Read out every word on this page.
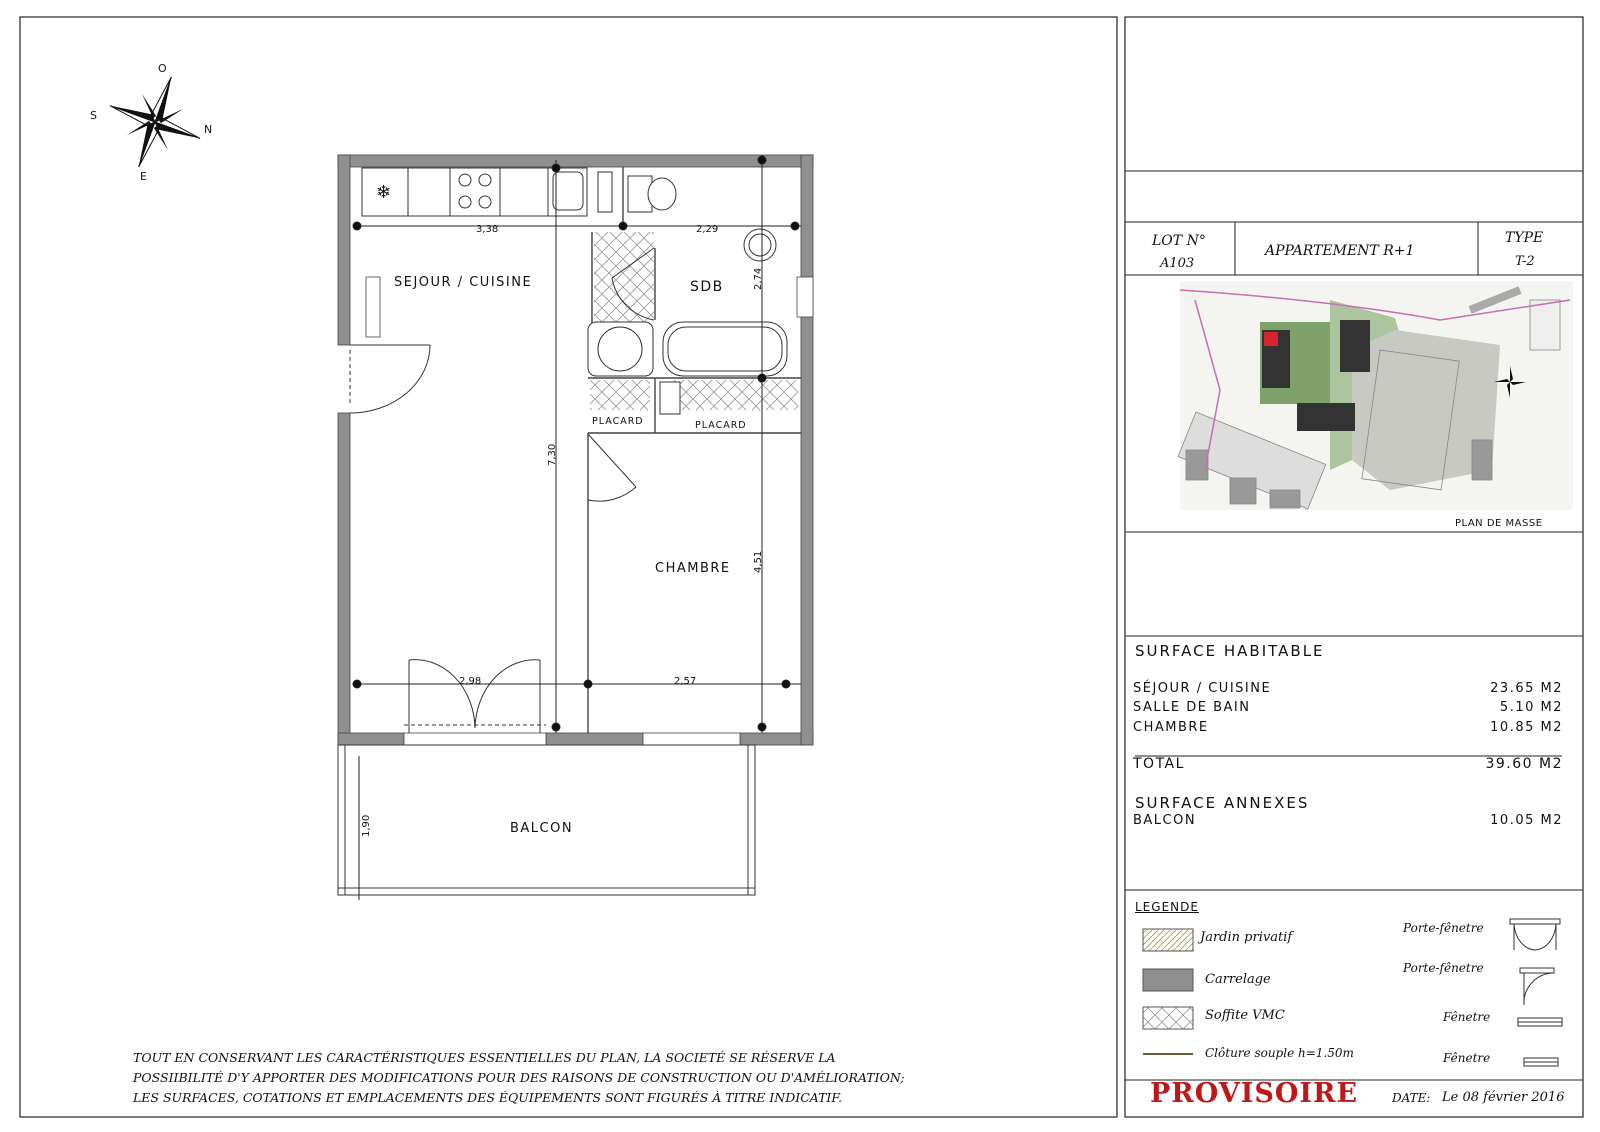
O
N
S
E
❄
SEJOUR / CUISINE	SDB
CHAMBRE
PLACARD	PLACARD
BALCON
3,38	2,29
2,74
7,30
4,51
2,98	2,57
1,90
TOUT EN CONSERVANT LES CARACTÉRISTIQUES ESSENTIELLES DU PLAN, LA SOCIETÉ SE RÉSERVE LA
POSSIIBILITÉ D'Y APPORTER DES MODIFICATIONS POUR DES RAISONS DE CONSTRUCTION OU D'AMÉLIORATION;
LES SURFACES, COTATIONS ET EMPLACEMENTS DES ÉQUIPEMENTS SONT FIGURÉS À TITRE INDICATIF.
PLAN DE MASSE
LOT N°
A103
APPARTEMENT R+1
TYPE
T-2
SURFACE HABITABLE
SÉJOUR / CUISINE	23.65 M2
SALLE DE BAIN	5.10 M2
CHAMBRE	10.85 M2
TOTAL	39.60 M2
SURFACE ANNEXES
BALCON	10.05 M2
LEGENDE
Jardin privatif
Carrelage
Soffite VMC
Clôture souple h=1.50m
Porte-fênetre
Porte-fênetre
Fênetre
Fênetre
PROVISOIRE	DATE: Le 08 février 2016
